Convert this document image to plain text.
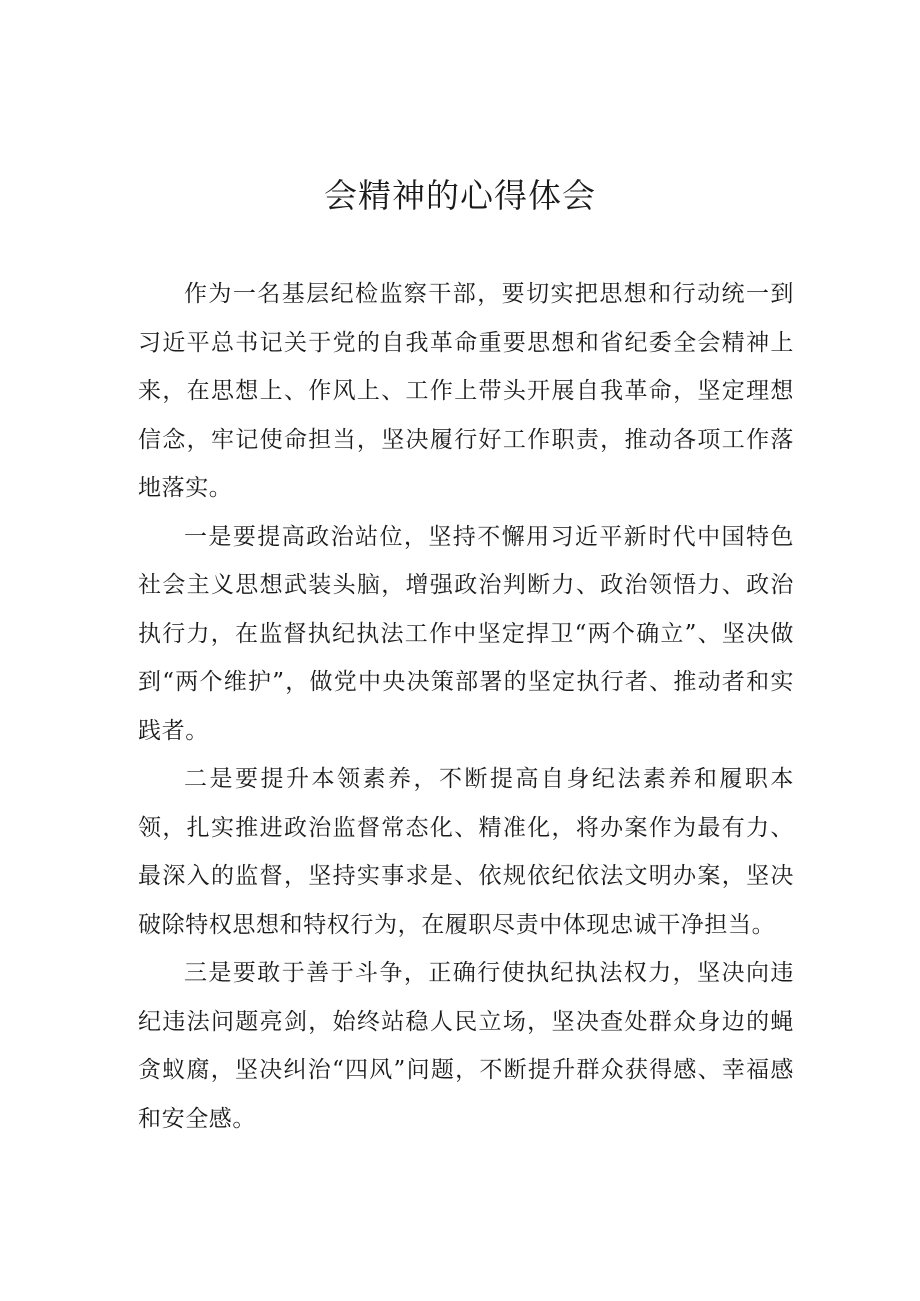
会精神的心得体会

作为一名基层纪检监察干部，要切实把思想和行动统一到习近平总书记关于党的自我革命重要思想和省纪委全会精神上来，在思想上、作风上、工作上带头开展自我革命，坚定理想信念，牢记使命担当，坚决履行好工作职责，推动各项工作落地落实。

一是要提高政治站位，坚持不懈用习近平新时代中国特色社会主义思想武装头脑，增强政治判断力、政治领悟力、政治执行力，在监督执纪执法工作中坚定捍卫“两个确立”、坚决做到“两个维护”，做党中央决策部署的坚定执行者、推动者和实践者。

二是要提升本领素养，不断提高自身纪法素养和履职本领，扎实推进政治监督常态化、精准化，将办案作为最有力、最深入的监督，坚持实事求是、依规依纪依法文明办案，坚决破除特权思想和特权行为，在履职尽责中体现忠诚干净担当。

三是要敢于善于斗争，正确行使执纪执法权力，坚决向违纪违法问题亮剑，始终站稳人民立场，坚决查处群众身边的蝇贪蚁腐，坚决纠治“四风”问题，不断提升群众获得感、幸福感和安全感。
